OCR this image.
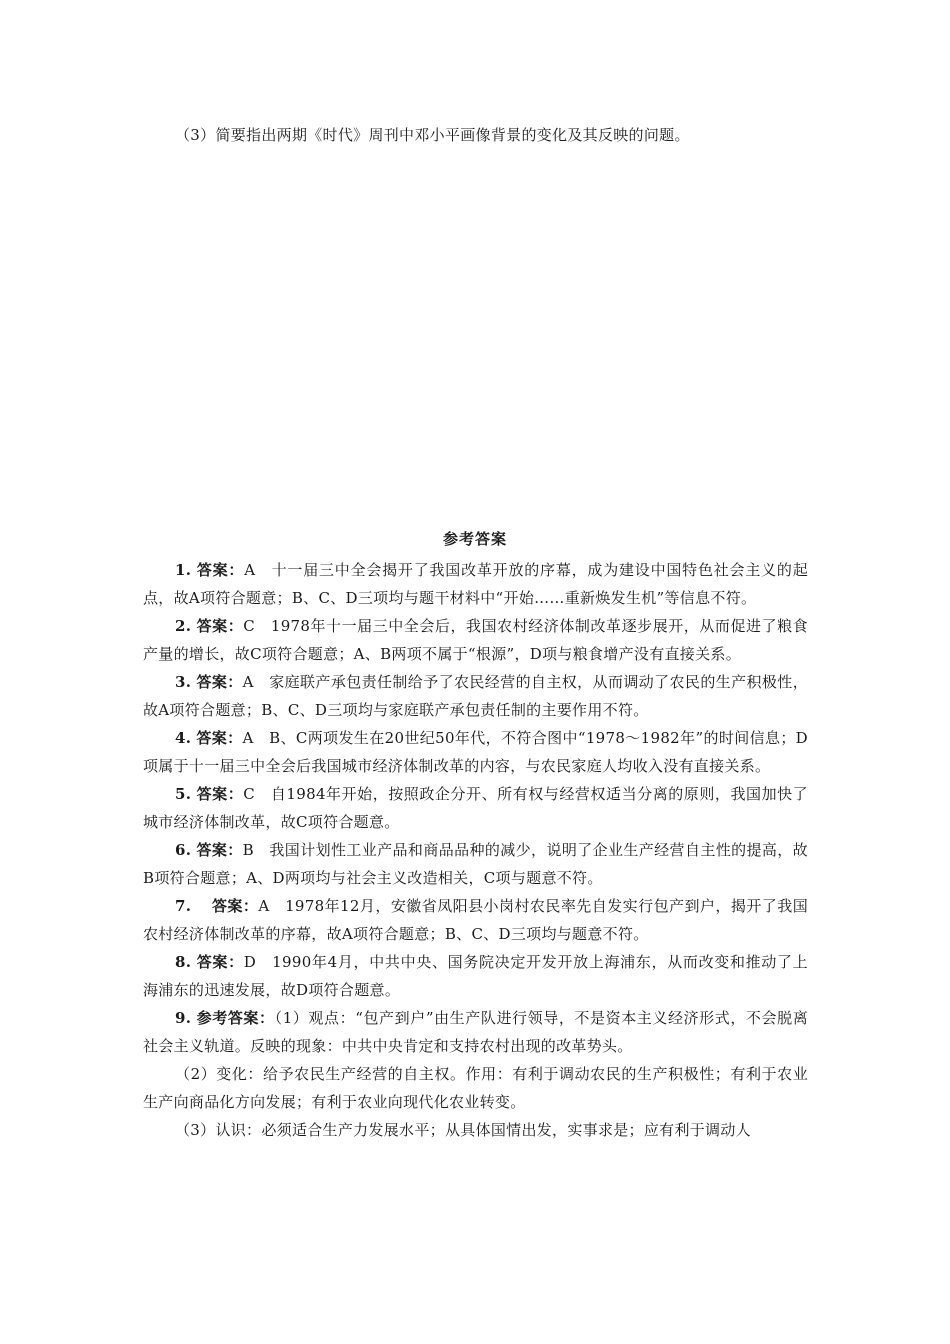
（3）简要指出两期《时代》周刊中邓小平画像背景的变化及其反映的问题。
参考答案

1. 答案：A　十一届三中全会揭开了我国改革开放的序幕，成为建设中国特色社会主义的起点，故A项符合题意；B、C、D三项均与题干材料中“开始……重新焕发生机”等信息不符。

2. 答案：C　1978年十一届三中全会后，我国农村经济体制改革逐步展开，从而促进了粮食产量的增长，故C项符合题意；A、B两项不属于“根源”，D项与粮食增产没有直接关系。

3. 答案：A　家庭联产承包责任制给予了农民经营的自主权，从而调动了农民的生产积极性，故A项符合题意；B、C、D三项均与家庭联产承包责任制的主要作用不符。

4. 答案：A　B、C两项发生在20世纪50年代，不符合图中“1978～1982年”的时间信息；D项属于十一届三中全会后我国城市经济体制改革的内容，与农民家庭人均收入没有直接关系。

5. 答案：C　自1984年开始，按照政企分开、所有权与经营权适当分离的原则，我国加快了城市经济体制改革，故C项符合题意。

6. 答案：B　我国计划性工业产品和商品品种的减少，说明了企业生产经营自主性的提高，故B项符合题意；A、D两项均与社会主义改造相关，C项与题意不符。

7. 　答案：A　1978年12月，安徽省凤阳县小岗村农民率先自发实行包产到户，揭开了我国农村经济体制改革的序幕，故A项符合题意；B、C、D三项均与题意不符。

8. 答案：D　1990年4月，中共中央、国务院决定开发开放上海浦东，从而改变和推动了上海浦东的迅速发展，故D项符合题意。

9. 参考答案：（1）观点：“包产到户”由生产队进行领导，不是资本主义经济形式，不会脱离社会主义轨道。反映的现象：中共中央肯定和支持农村出现的改革势头。

（2）变化：给予农民生产经营的自主权。作用：有利于调动农民的生产积极性；有利于农业生产向商品化方向发展；有利于农业向现代化农业转变。

（3）认识：必须适合生产力发展水平；从具体国情出发，实事求是；应有利于调动人
